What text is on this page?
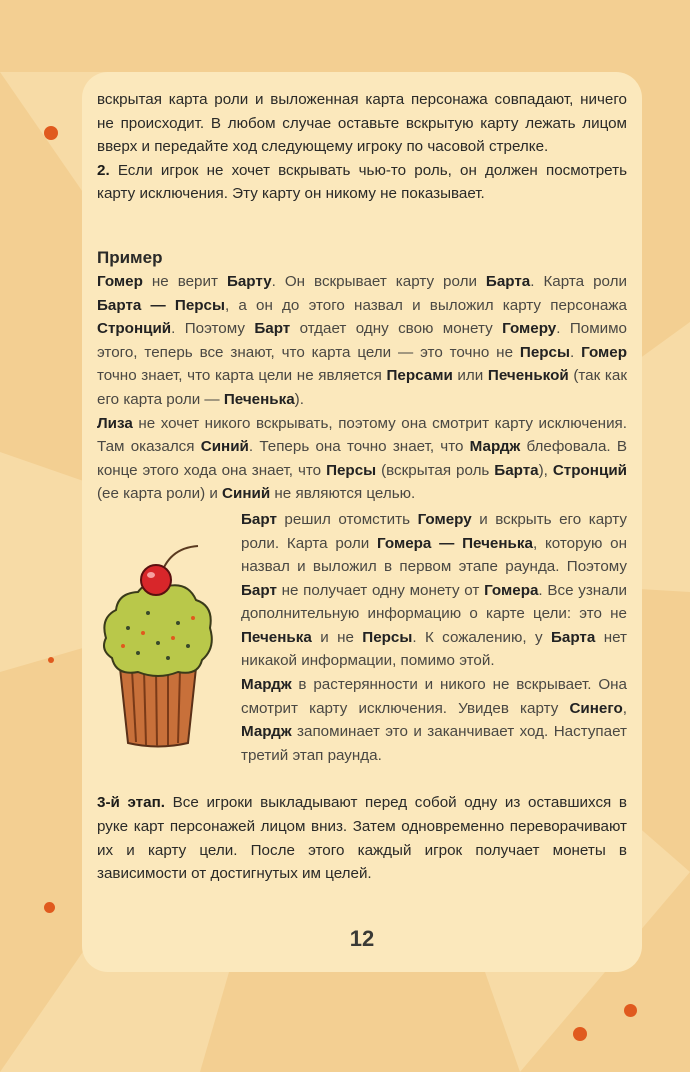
вскрытая карта роли и выложенная карта персонажа совпадают, ничего не происходит. В любом случае оставьте вскрытую карту лежать лицом вверх и передайте ход следующему игроку по часовой стрелке.

2. Если игрок не хочет вскрывать чью-то роль, он должен посмотреть карту исключения. Эту карту он никому не показывает.

Пример

Гомер не верит Барту. Он вскрывает карту роли Барта. Карта роли Барта — Персы, а он до этого назвал и выложил карту персонажа Стронций. Поэтому Барт отдает одну свою монету Гомеру. Помимо этого, теперь все знают, что карта цели — это точно не Персы. Гомер точно знает, что карта цели не является Персами или Печенькой (так как его карта роли — Печенька).

Лиза не хочет никого вскрывать, поэтому она смотрит карту исключения. Там оказался Синий. Теперь она точно знает, что Мардж блефовала. В конце этого хода она знает, что Персы (вскрытая роль Барта), Стронций (ее карта роли) и Синий не являются целью.

Барт решил отомстить Гомеру и вскрыть его карту роли. Карта роли Гомера — Печенька, которую он назвал и выложил в первом этапе раунда. Поэтому Барт не получает одну монету от Гомера. Все узнали дополнительную информацию о карте цели: это не Печенька и не Персы. К сожалению, у Барта нет никакой информации, помимо этой.

Мардж в растерянности и никого не вскрывает. Она смотрит карту исключения. Увидев карту Синего, Мардж запоминает это и заканчивает ход. Наступает третий этап раунда.

3-й этап. Все игроки выкладывают перед собой одну из оставшихся в руке карт персонажей лицом вниз. Затем одновременно переворачивают их и карту цели. После этого каждый игрок получает монеты в зависимости от достигнутых им целей.

12
